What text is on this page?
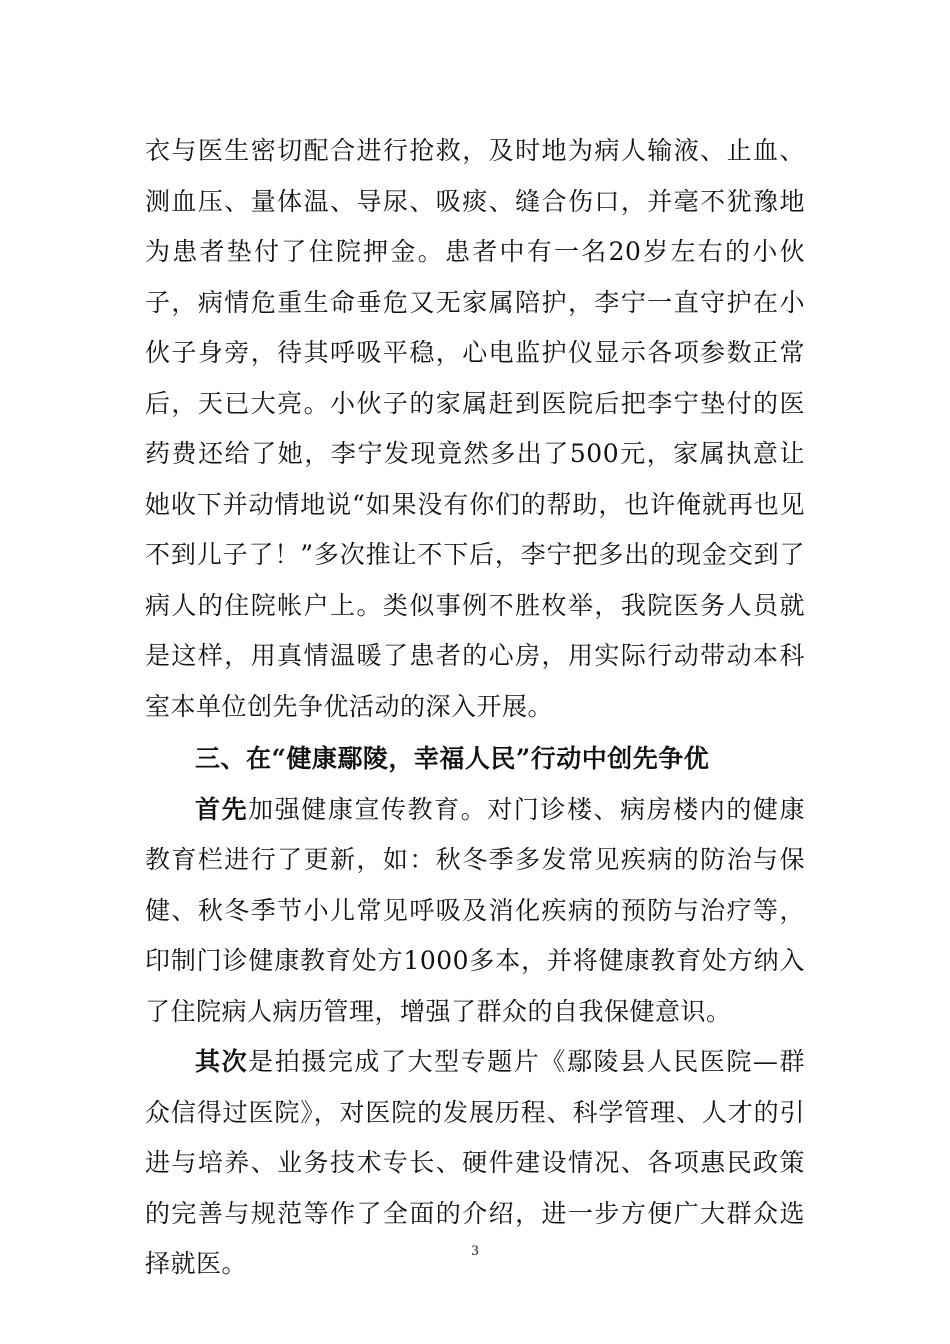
衣与医生密切配合进行抢救，及时地为病人输液、止血、测血压、量体温、导尿、吸痰、缝合伤口，并毫不犹豫地为患者垫付了住院押金。患者中有一名20岁左右的小伙子，病情危重生命垂危又无家属陪护，李宁一直守护在小伙子身旁，待其呼吸平稳，心电监护仪显示各项参数正常后，天已大亮。小伙子的家属赶到医院后把李宁垫付的医药费还给了她，李宁发现竟然多出了500元，家属执意让她收下并动情地说“如果没有你们的帮助，也许俺就再也见不到儿子了！”多次推让不下后，李宁把多出的现金交到了病人的住院帐户上。类似事例不胜枚举，我院医务人员就是这样，用真情温暖了患者的心房，用实际行动带动本科室本单位创先争优活动的深入开展。

三、在“健康鄢陵，幸福人民”行动中创先争优

首先加强健康宣传教育。对门诊楼、病房楼内的健康教育栏进行了更新，如：秋冬季多发常见疾病的防治与保健、秋冬季节小儿常见呼吸及消化疾病的预防与治疗等，印制门诊健康教育处方1000多本，并将健康教育处方纳入了住院病人病历管理，增强了群众的自我保健意识。

其次是拍摄完成了大型专题片《鄢陵县人民医院—群众信得过医院》，对医院的发展历程、科学管理、人才的引进与培养、业务技术专长、硬件建设情况、各项惠民政策的完善与规范等作了全面的介绍，进一步方便广大群众选择就医。	3
